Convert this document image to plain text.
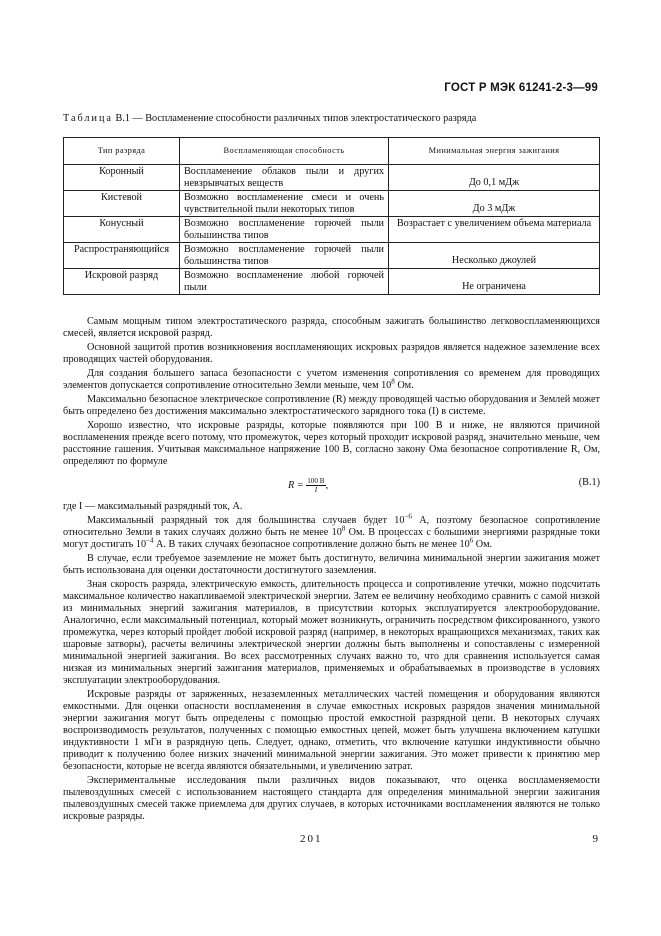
ГОСТ Р МЭК 61241-2-3—99
Таблица В.1 — Воспламенение способности различных типов электростатического разряда
Тип разряда	Воспламеняющая способность	Минимальная энергия зажигания
Коронный	Воспламенение облаков пыли и других невзрывчатых веществ	До 0,1 мДж

Кистевой	Возможно воспламенение смеси и очень чувствительной пыли некоторых типов	До 3 мДж

Конусный	Возможно воспламенение горючей пыли большинства типов	Возрастает с увеличением объема материала
Распространяющийся	Возможно воспламенение горючей пыли большинства типов	Несколько джоулей

Искровой разряд	Возможно воспламенение любой горючей пыли	Не ограничена

Самым мощным типом электростатического разряда, способным зажигать большинство легковоспламеняющихся смесей, является искровой разряд.

Основной защитой против возникновения воспламеняющих искровых разрядов является надежное заземление всех проводящих частей оборудования.

Для создания большего запаса безопасности с учетом изменения сопротивления со временем для проводящих элементов допускается сопротивление относительно Земли меньше, чем $10^8$ Ом.

Максимально безопасное электрическое сопротивление (R) между проводящей частью оборудования и Землей может быть определено без достижения максимально электростатического зарядного тока (I) в системе.

Хорошо известно, что искровые разряды, которые появляются при 100 В и ниже, не являются причиной воспламенения прежде всего потому, что промежуток, через который проходит искровой разряд, значительно меньше, чем расстояние гашения. Учитывая максимальное напряжение 100 В, согласно закону Ома безопасное сопротивление R, Ом, определяют по формуле

$R = \frac{100 В}{I}$ ,	(В.1)

где I — максимальный разрядный ток, А.

Максимальный разрядный ток для большинства случаев будет $10^{-6}$ А, поэтому безопасное сопротивление относительно Земли в таких случаях должно быть не менее $10^8$ Ом. В процессах с большими энергиями разрядные токи могут достигать $10^{-4}$ А. В таких случаях безопасное сопротивление должно быть не менее $10^6$ Ом.

В случае, если требуемое заземление не может быть достигнуто, величина минимальной энергии зажигания может быть использована для оценки достаточности достигнутого заземления.

Зная скорость разряда, электрическую емкость, длительность процесса и сопротивление утечки, можно подсчитать максимальное количество накапливаемой электрической энергии. Затем ее величину необходимо сравнить с самой низкой из минимальных энергий зажигания материалов, в присутствии которых эксплуатируется электрооборудование. Аналогично, если максимальный потенциал, который может возникнуть, ограничить посредством фиксированного, узкого промежутка, через который пройдет любой искровой разряд (например, в некоторых вращающихся механизмах, таких как шаровые затворы), расчеты величины электрической энергии должны быть выполнены и сопоставлены с измеренной минимальной энергией зажигания. Во всех рассмотренных случаях важно то, что для сравнения используется самая низкая из минимальных энергий зажигания материалов, применяемых и обрабатываемых в производстве в условиях эксплуатации электрооборудования.

Искровые разряды от заряженных, незаземленных металлических частей помещения и оборудования являются емкостными. Для оценки опасности воспламенения в случае емкостных искровых разрядов значения минимальной энергии зажигания могут быть определены с помощью простой емкостной разрядной цепи. В некоторых случаях воспроизводимость результатов, полученных с помощью емкостных цепей, может быть улучшена включением катушки индуктивности 1 мГн в разрядную цепь. Следует, однако, отметить, что включение катушки индуктивности обычно приводит к получению более низких значений минимальной энергии зажигания. Это может привести к принятию мер безопасности, которые не всегда являются обязательными, и увеличению затрат.

Экспериментальные исследования пыли различных видов показывают, что оценка воспламеняемости пылевоздушных смесей с использованием настоящего стандарта для определения минимальной энергии зажигания пылевоздушных смесей также приемлема для других случаев, в которых источниками воспламенения являются не только искровые разряды.

201	9
